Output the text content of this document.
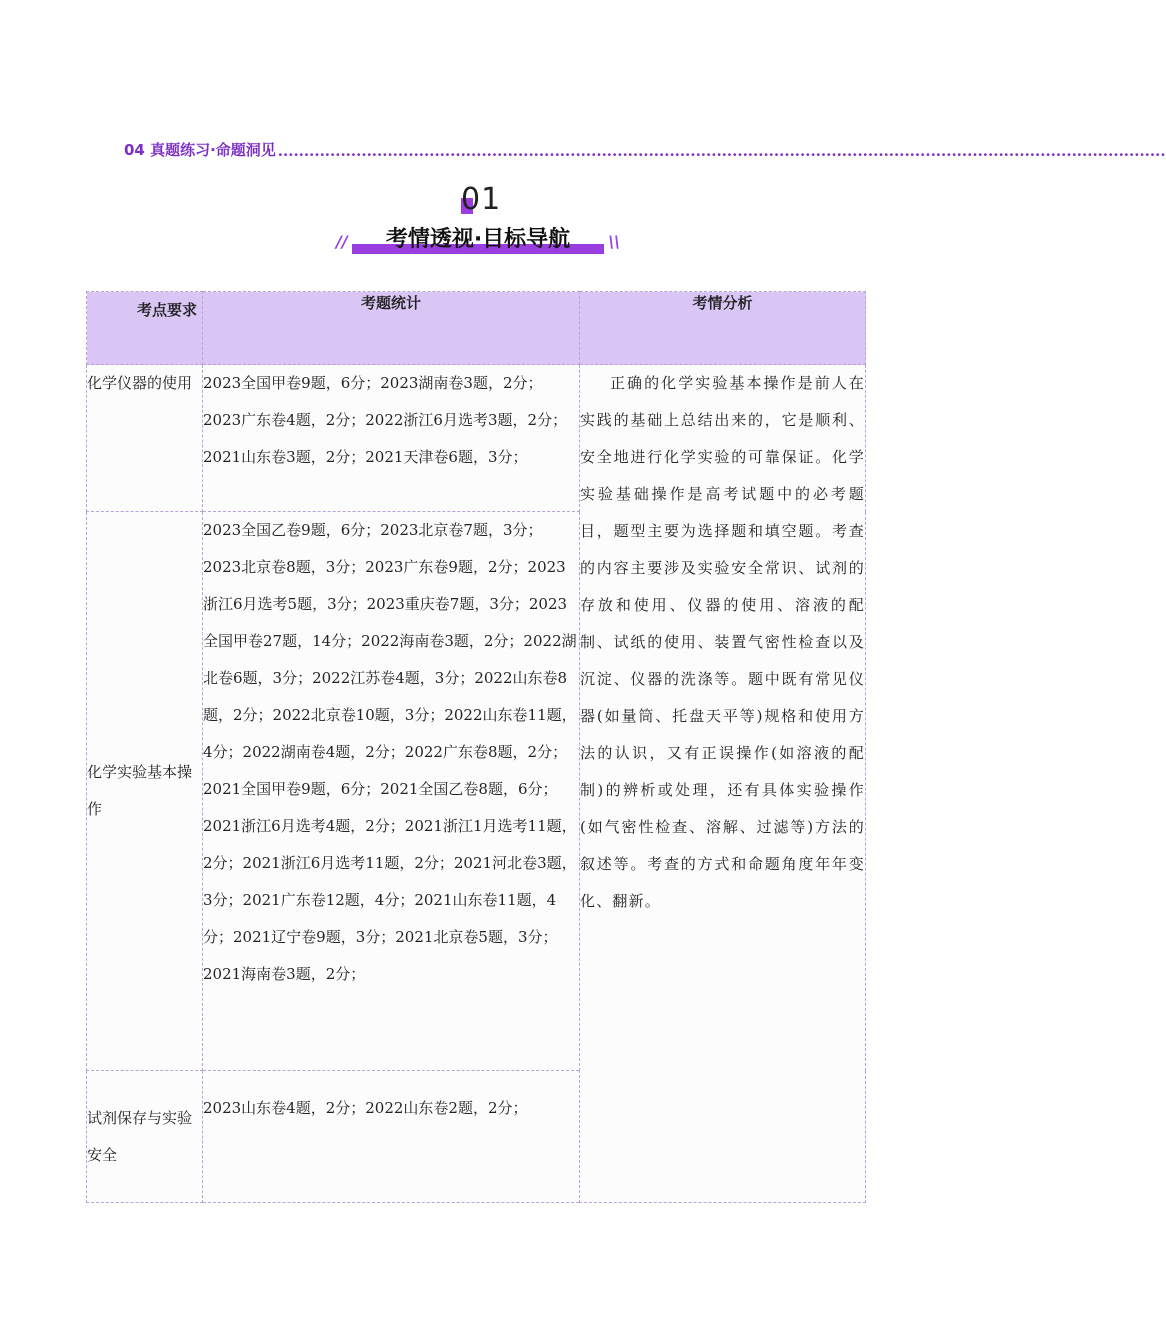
04 真题练习·命题洞见 ..........................................................................................................................................................................
01
//	考情透视·目标导航	\\
考点要求	考题统计	考情分析
化学仪器的使用	2023全国甲卷9题，6分；2023湖南卷3题，2分；2023广东卷4题，2分；2022浙江6月选考3题，2分；2021山东卷3题，2分；2021天津卷6题，3分；	正确的化学实验基本操作是前人在实践的基础上总结出来的，它是顺利、安全地进行化学实验的可靠保证。化学实验基础操作是高考试题中的必考题目，题型主要为选择题和填空题。考查的内容主要涉及实验安全常识、试剂的存放和使用、仪器的使用、溶液的配制、试纸的使用、装置气密性检查以及沉淀、仪器的洗涤等。题中既有常见仪器(如量筒、托盘天平等)规格和使用方法的认识，又有正误操作(如溶液的配制)的辨析或处理，还有具体实验操作(如气密性检查、溶解、过滤等)方法的叙述等。考查的方式和命题角度年年变化、翻新。

化学实验基本操作	2023全国乙卷9题，6分；2023北京卷7题，3分；2023北京卷8题，3分；2023广东卷9题，2分；2023浙江6月选考5题，3分；2023重庆卷7题，3分；2023全国甲卷27题，14分；2022海南卷3题，2分；2022湖北卷6题，3分；2022江苏卷4题，3分；2022山东卷8题，2分；2022北京卷10题，3分；2022山东卷11题，4分；2022湖南卷4题，2分；2022广东卷8题，2分；2021全国甲卷9题，6分；2021全国乙卷8题，6分；2021浙江6月选考4题，2分；2021浙江1月选考11题，2分；2021浙江6月选考11题，2分；2021河北卷3题，3分；2021广东卷12题，4分；2021山东卷11题，4分；2021辽宁卷9题，3分；2021北京卷5题，3分；2021海南卷3题，2分；	
试剂保存与实验安全	2023山东卷4题，2分；2022山东卷2题，2分；	
